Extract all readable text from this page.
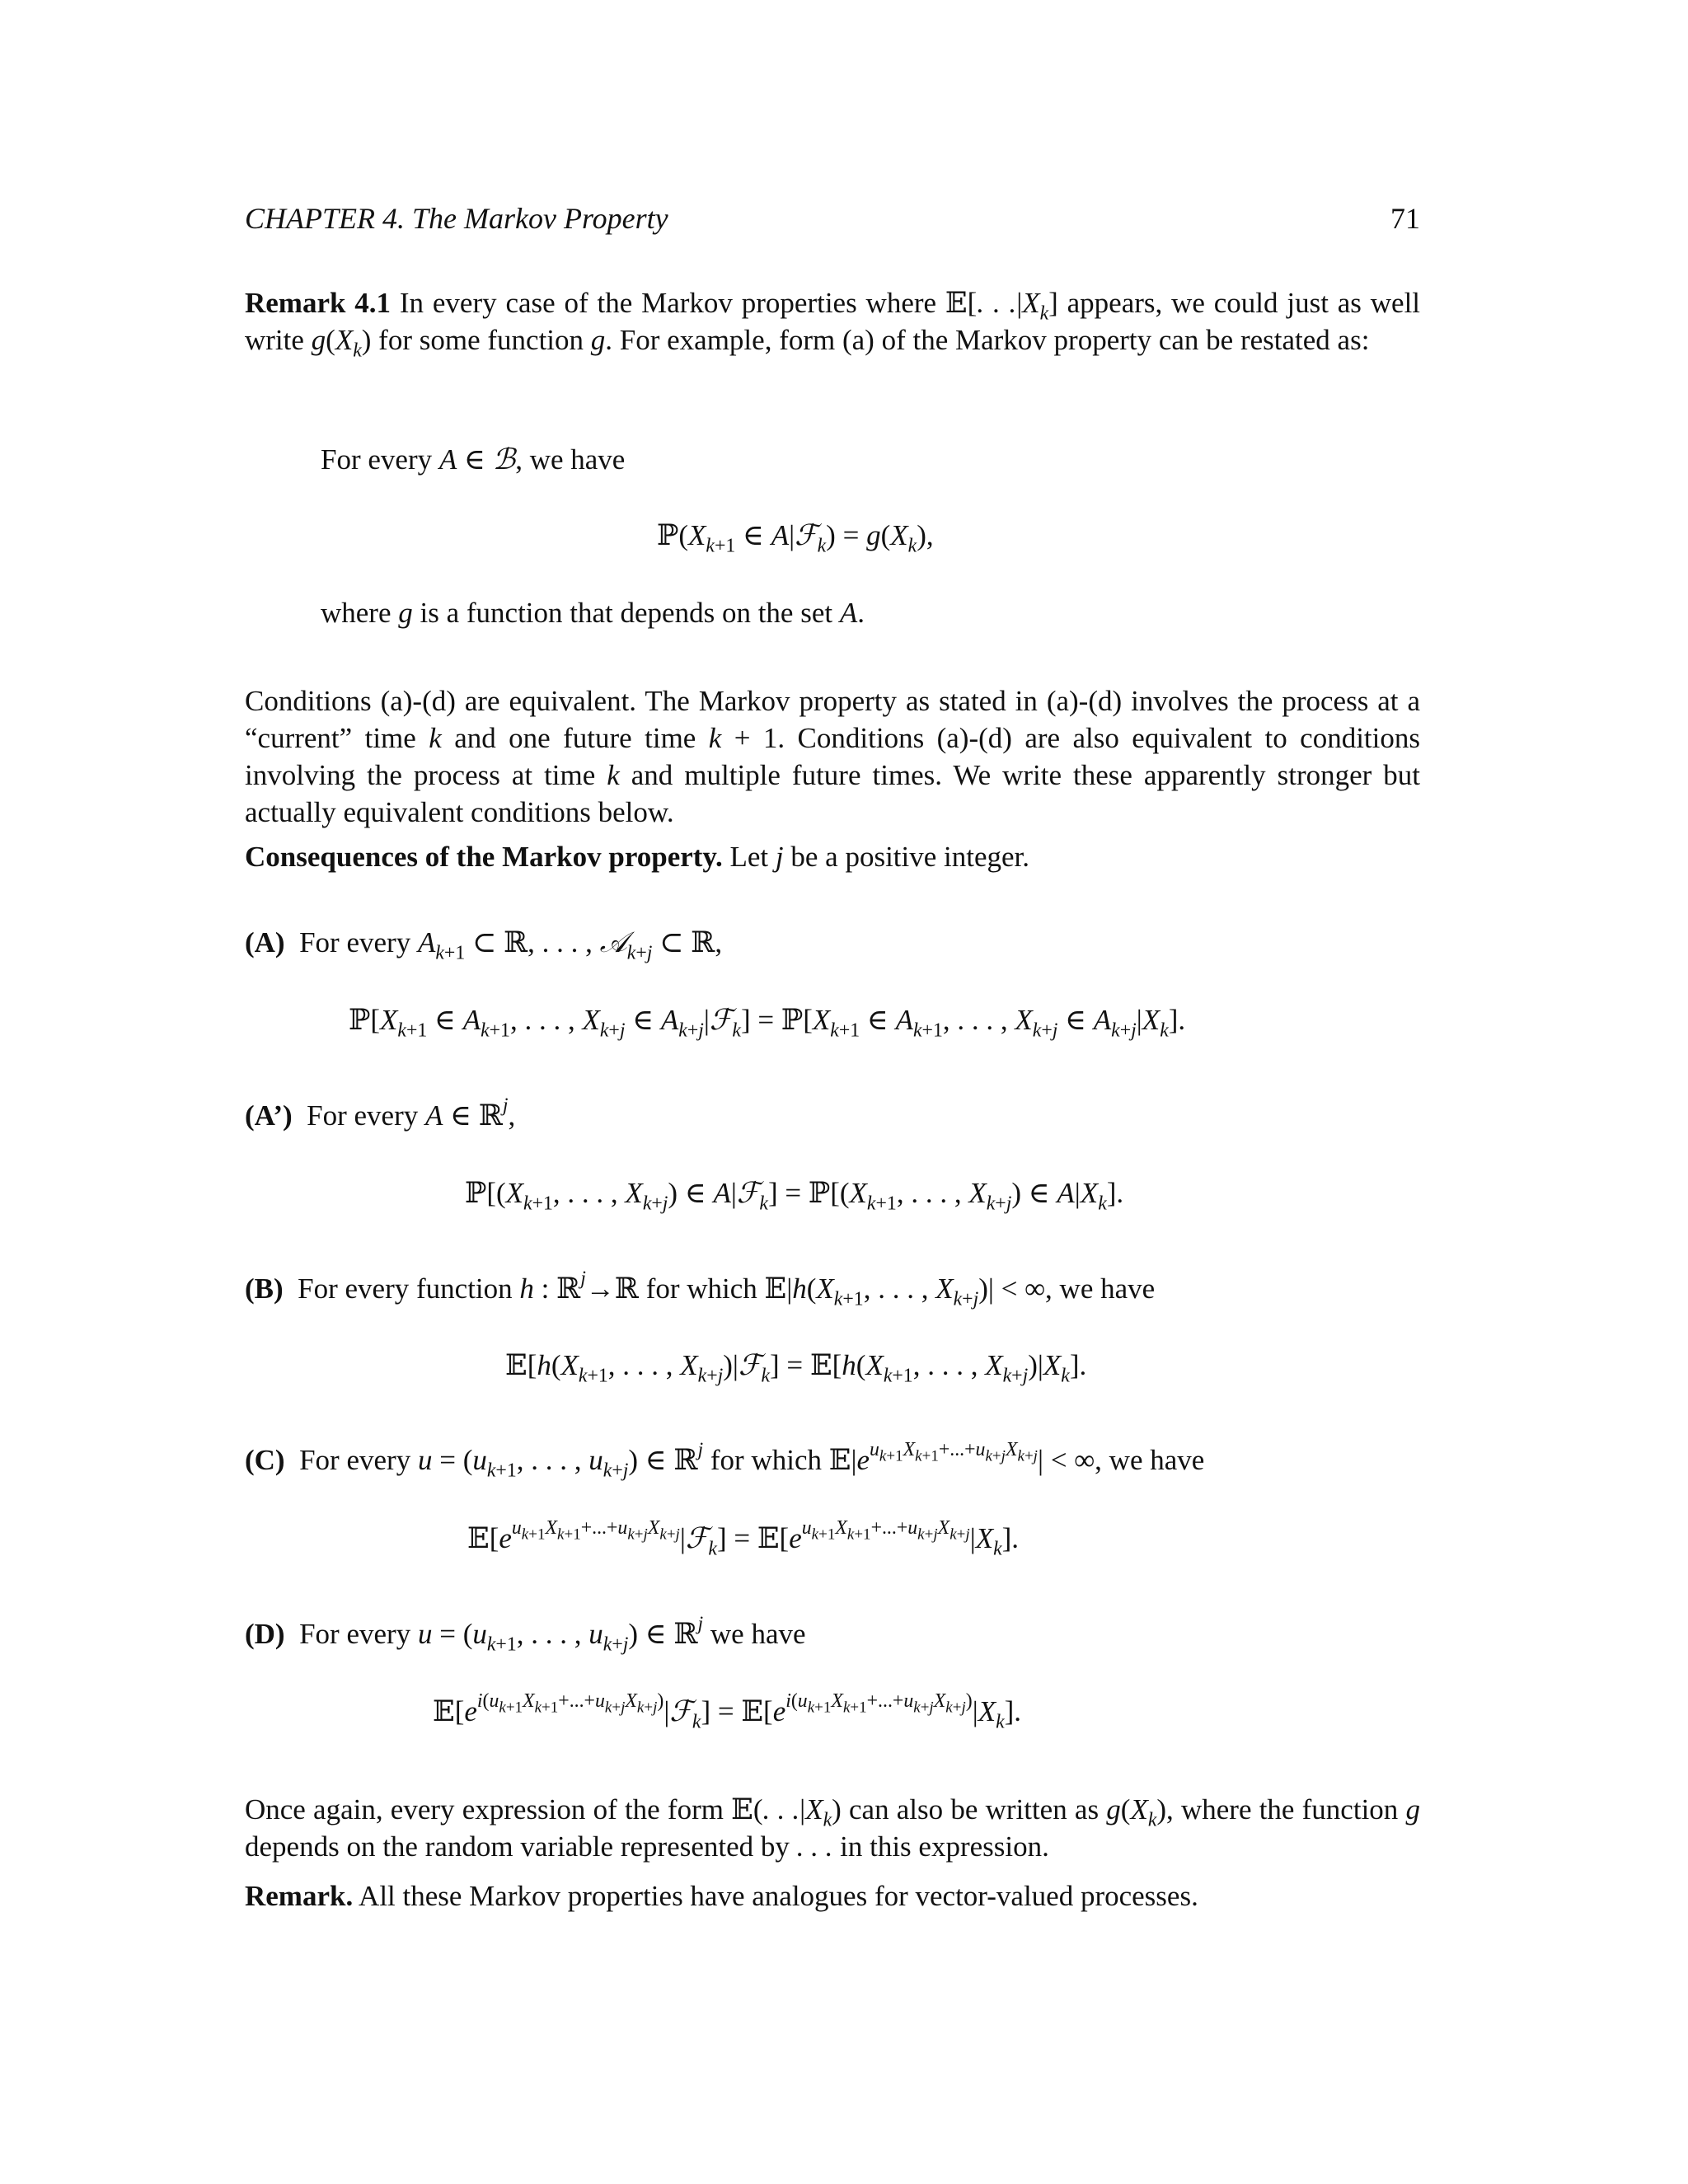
CHAPTER 4. The Markov Property	71
Remark 4.1 In every case of the Markov properties where 𝔼[. . $.|X_k$] appears, we could just as well write $g(X_k)$ for some function g. For example, form (a) of the Markov property can be restated as:
For every A ∈ ℬ, we have
$ℙ(X_{k+1}$ ∈ A|ℱ$_k$) = $g(X_k)$,
where g is a function that depends on the set A.
Conditions (a)-(d) are equivalent. The Markov property as stated in (a)-(d) involves the process at a “current” time k and one future time k + 1. Conditions (a)-(d) are also equivalent to conditions involving the process at time k and multiple future times. We write these apparently stronger but actually equivalent conditions below.
Consequences of the Markov property. Let j be a positive integer.
(A) For every $A_{k+1}$ ⊂ ℝ, . . . , 𝒜$_{k+j}$ ⊂ ℝ,
$ℙ[X_{k+1}$ ∈ $A_{k+1}$, . . . , $X_{k+j}$ ∈ $A_{k+j}|ℱ_k$] = $ℙ[X_{k+1}$ ∈ $A_{k+1}$, . . . , $X_{k+j}$ ∈ $A_{k+j}|X_k$].
(A’) For every A ∈ ℝ$^j$,
$ℙ[(X_{k+1}$, . . . , $X_{k+j}$) ∈ A|ℱ$_k$] = $ℙ[(X_{k+1}$, . . . , $X_{k+j}$) ∈ $A|X_k$].
(B) For every function h : ℝ$^j$→ℝ for which $𝔼|h(X_{k+1}$, . . . , $X_{k+j})|$ < ∞, we have
$𝔼[h(X_{k+1}$, . . . , $X_{k+j})|ℱ_k$] = $𝔼[h(X_{k+1}$, . . . , $X_{k+j})|X_k$].
(C) For every $u = (u_{k+1}$, . . . , $u_{k+j}$) ∈ ℝ$^j$ for which $𝔼|e^{u_{k+1}X_{k+1}+...+u_{k+j}X_{k+j}}|$ < ∞, we have
$𝔼[e^{u_{k+1}X_{k+1}+...+u_{k+j}X_{k+j}}|ℱ_k]$ = $𝔼[e^{u_{k+1}X_{k+1}+...+u_{k+j}X_{k+j}}|X_k]$.
(D) For every $u = (u_{k+1}$, . . . , $u_{k+j}$) ∈ ℝ$^j$ we have
$𝔼[e^{i(u_{k+1}X_{k+1}+...+u_{k+j}X_{k+j})}|ℱ_k]$ = $𝔼[e^{i(u_{k+1}X_{k+1}+...+u_{k+j}X_{k+j})}|X_k]$.
Once again, every expression of the form 𝔼(. . $.|X_k$) can also be written as $g(X_k)$, where the function g depends on the random variable represented by . . . in this expression.
Remark. All these Markov properties have analogues for vector-valued processes.
